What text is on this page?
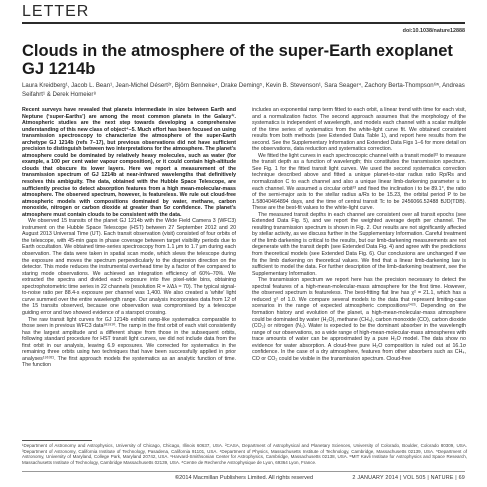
LETTER
doi:10.1038/nature12888
Clouds in the atmosphere of the super-Earth exoplanet GJ 1214b
Laura Kreidberg¹, Jacob L. Bean¹, Jean-Michel Désert²ʳ, Björn Benneke⁴, Drake Deming⁵, Kevin B. Stevenson¹, Sara Seager⁴, Zachory Berta-Thompson⁶ʷ, Andreas Seifahrt¹ & Derek Homeier⁸

Recent surveys have revealed that planets intermediate in size between Earth and Neptune (‘super-Earths’) are among the most common planets in the Galaxy¹ʳ. Atmospheric studies are the next step towards developing a comprehensive understanding of this new class of object⁴–5. Much effort has been focused on using transmission spectroscopy to characterize the atmosphere of the super-Earth archetype GJ 1214b (refs 7–17), but previous observations did not have sufficient precision to distinguish between two interpretations for the atmosphere. The planet’s atmosphere could be dominated by relatively heavy molecules, such as water (for example, a 100 per cent water vapour composition), or it could contain high-altitude clouds that obscure its lower layers. Here we report a measurement of the transmission spectrum of GJ 1214b at near-infrared wavelengths that definitively resolves this ambiguity. The data, obtained with the Hubble Space Telescope, are sufficiently precise to detect absorption features from a high mean-molecular-mass atmosphere. The observed spectrum, however, is featureless. We rule out cloud-free atmospheric models with compositions dominated by water, methane, carbon monoxide, nitrogen or carbon dioxide at greater than 5σ confidence. The planet’s atmosphere must contain clouds to be consistent with the data.

We observed 15 transits of the planet GJ 1214b with the Wide Field Camera 3 (WFC3) instrument on the Hubble Space Telescope (HST) between 27 September 2012 and 20 August 2013 Universal Time (UT). Each transit observation (visit) consisted of four orbits of the telescope, with 45-min gaps in phase coverage between target visibility periods due to Earth occultation. We obtained time-series spectroscopy from 1.1 μm to 1.7 μm during each observation. The data were taken in spatial scan mode, which slews the telescope during the exposure and moves the spectrum perpendicularly to the dispersion direction on the detector. This mode reduces the instrumental overhead time by a factor of five compared to staring mode observations. We achieved an integration efficiency of 60%–70%. We extracted the spectra and divided each exposure into five pixel-wide bins, obtaining spectrophotometric time series in 22 channels (resolution R = λ/Δλ ≈ 70). The typical signal-to-noise ratio per 88.4-s exposure per channel was 1,400. We also created a ‘white’ light curve summed over the entire wavelength range. Our analysis incorporates data from 12 of the 15 transits observed, because one observation was compromised by a telescope guiding error and two showed evidence of a starspot crossing.

The raw transit light curves for GJ 1214b exhibit ramp-like systematics comparable to those seen in previous WFC3 data¹⁸¹⁹¹⁰. The ramp in the first orbit of each visit consistently has the largest amplitude and a different shape from those in the subsequent orbits, following standard procedure for HST transit light curves, we did not include data from the first orbit in our analysis, leaving 6.9 exposures. We corrected for systematics in the remaining three orbits using two techniques that have been successfully applied in prior analyses¹⁹¹⁰²¹. The first approach models the systematics as an analytic function of time. The function

includes an exponential ramp term fitted to each orbit, a linear trend with time for each visit, and a normalization factor. The second approach assumes that the morphology of the systematics is independent of wavelength, and models each channel with a scalar multiple of the time series of systematics from the white-light curve fit. We obtained consistent results from both methods (see Extended Data Table 1), and report here results from the second. See the Supplementary Information and Extended Data Figs 1–6 for more detail on the observations, data reduction and systematics correction.

We fitted the light curves in each spectroscopic channel with a transit model²² to measure the transit depth as a function of wavelength; this constitutes the transmission spectrum. See Fig. 1 for the fitted transit light curves. We used the second systematics correction technique described above and fitted a unique planet-to-star radius ratio Rp/Rs and normalization C to each channel and also a unique linear limb-darkening parameter u to each channel. We assumed a circular orbit²³ and fixed the inclination i to be 89.1°, the ratio of the semi-major axis to the stellar radius a/Rs to be 15.23, the orbital period P to be 1.58040464894 days, and the time of central transit Tc to be 2456066.52488 BJD(TDB). These are the best-fit values to the white-light curve.

The measured transit depths in each channel are consistent over all transit epochs (see Extended Data Fig. 5), and we report the weighted average depth per channel. The resulting transmission spectrum is shown in Fig. 2. Our results are not significantly affected by stellar activity, as we discuss further in the Supplementary Information. Careful treatment of the limb darkening is critical to the results, but our limb-darkening measurements are not degenerate with the transit depth (see Extended Data Fig. 4) and agree with the predictions from theoretical models (see Extended Data Fig. 6). Our conclusions are unchanged if we fix the limb darkening on theoretical values. We find that a linear limb-darkening law is sufficient to model the data. For further description of the limb-darkening treatment, see the Supplementary Information.

The transmission spectrum we report here has the precision necessary to detect the spectral features of a high-mean-molecular-mass atmosphere for the first time. However, the observed spectrum is featureless. The best-fitting flat line has χ² = 21.1, which has a reduced χ² of 1.0. We compare several models to the data that represent limiting-case scenarios in the range of expected atmospheric compositions²⁴²⁵. Depending on the formation history and evolution of the planet, a high-mean-molecular-mass atmosphere could be dominated by water (H₂O), methane (CH₄), carbon monoxide (CO), carbon dioxide (CO₂) or nitrogen (N₂). Water is expected to be the dominant absorber in the wavelength range of our observations, so a wide range of high-mean-molecular-mass atmospheres with trace amounts of water can be approximated by a pure H₂O model. The data show no evidence for water absorption. A cloud-free pure H₂O composition is ruled out at 16.1σ confidence. In the case of a dry atmosphere, features from other absorbers such as CH₄, CO or CO₂ could be visible in the transmission spectrum. Cloud-free

¹Department of Astronomy and Astrophysics, University of Chicago, Chicago, Illinois 60637, USA. ²CASA, Department of Astrophysical and Planetary Sciences, University of Colorado, Boulder, Colorado 80309, USA. ³Department of Astronomy, California Institute of Technology, Pasadena, California 91101, USA. ⁴Department of Physics, Massachusetts Institute of Technology, Cambridge, Massachusetts 02139, USA. ⁵Department of Astronomy, University of Maryland, College Park, Maryland 20742, USA. ⁶Harvard-Smithsonian Center for Astrophysics, Cambridge, Massachusetts 02138, USA. ʷMIT Kavli Institute for Astrophysics and Space Research, Massachusetts Institute of Technology, Cambridge Massachusetts 02139, USA. ⁸Centre de Recherche Astrophysique de Lyon, 69364 Lyon, France.
©2014 Macmillan Publishers Limited. All rights reserved	2 JANUARY 2014 | VOL 505 | NATURE | 69
